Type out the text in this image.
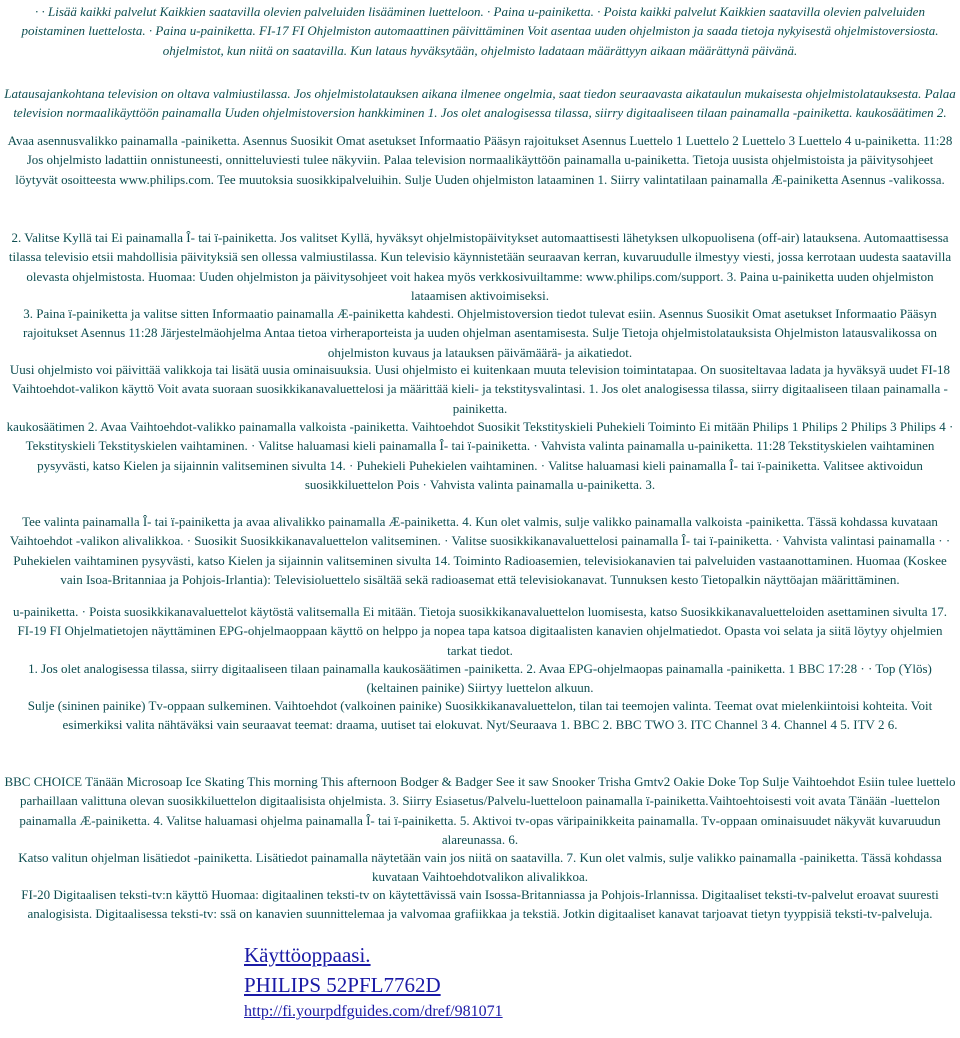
· · Lisää kaikki palvelut Kaikkien saatavilla olevien palveluiden lisääminen luetteloon. · Paina u-painiketta. · Poista kaikki palvelut Kaikkien saatavilla olevien palveluiden poistaminen luettelosta. · Paina u-painiketta. FI-17 FI Ohjelmiston automaattinen päivittäminen Voit asentaa uuden ohjelmiston ja saada tietoja nykyisestä ohjelmistoversiosta. ohjelmistot, kun niitä on saatavilla. Kun lataus hyväksytään, ohjelmisto ladataan määrättyyn aikaan määrättynä päivänä.

Latausajankohtana television on oltava valmiustilassa. Jos ohjelmistolatauksen aikana ilmenee ongelmia, saat tiedon seuraavasta aikataulun mukaisesta ohjelmistolatauksesta. Palaa television normaalikäyttöön painamalla Uuden ohjelmistoversion hankkiminen 1. Jos olet analogisessa tilassa, siirry digitaaliseen tilaan painamalla -painiketta. kaukosäätimen 2.

Avaa asennusvalikko painamalla -painiketta. Asennus Suosikit Omat asetukset Informaatio Pääsyn rajoitukset Asennus Luettelo 1 Luettelo 2 Luettelo 3 Luettelo 4 u-painiketta. 11:28 Jos ohjelmisto ladattiin onnistuneesti, onnitteluviesti tulee näkyviin. Palaa television normaalikäyttöön painamalla u-painiketta. Tietoja uusista ohjelmistoista ja päivitysohjeet löytyvät osoitteesta www.philips.com. Tee muutoksia suosikkipalveluihin. Sulje Uuden ohjelmiston lataaminen 1. Siirry valintatilaan painamalla Æ-painiketta Asennus -valikossa.

2. Valitse Kyllä tai Ei painamalla Î- tai ï-painiketta. Jos valitset Kyllä, hyväksyt ohjelmistopäivitykset automaattisesti lähetyksen ulkopuolisena (off-air) latauksena. Automaattisessa tilassa televisio etsii mahdollisia päivityksiä sen ollessa valmiustilassa. Kun televisio käynnistetään seuraavan kerran, kuvaruudulle ilmestyy viesti, jossa kerrotaan uudesta saatavilla olevasta ohjelmistosta. Huomaa: Uuden ohjelmiston ja päivitysohjeet voit hakea myös verkkosivuiltamme: www.philips.com/support. 3. Paina u-painiketta uuden ohjelmiston lataamisen aktivoimiseksi.

3. Paina ï-painiketta ja valitse sitten Informaatio painamalla Æ-painiketta kahdesti. Ohjelmistoversion tiedot tulevat esiin. Asennus Suosikit Omat asetukset Informaatio Pääsyn rajoitukset Asennus 11:28 Järjestelmäohjelma Antaa tietoa virheraporteista ja uuden ohjelman asentamisesta. Sulje Tietoja ohjelmistolatauksista Ohjelmiston latausvalikossa on ohjelmiston kuvaus ja latauksen päivämäärä- ja aikatiedot.

Uusi ohjelmisto voi päivittää valikkoja tai lisätä uusia ominaisuuksia. Uusi ohjelmisto ei kuitenkaan muuta television toimintatapaa. On suositeltavaa ladata ja hyväksyä uudet FI-18 Vaihtoehdot-valikon käyttö Voit avata suoraan suosikkikanavaluettelosi ja määrittää kieli- ja tekstitysvalintasi. 1. Jos olet analogisessa tilassa, siirry digitaaliseen tilaan painamalla -painiketta.

kaukosäätimen 2. Avaa Vaihtoehdot-valikko painamalla valkoista -painiketta. Vaihtoehdot Suosikit Tekstityskieli Puhekieli Toiminto Ei mitään Philips 1 Philips 2 Philips 3 Philips 4 · Tekstityskieli Tekstityskielen vaihtaminen. · Valitse haluamasi kieli painamalla Î- tai ï-painiketta. · Vahvista valinta painamalla u-painiketta. 11:28 Tekstityskielen vaihtaminen pysyvästi, katso Kielen ja sijainnin valitseminen sivulta 14. · Puhekieli Puhekielen vaihtaminen. · Valitse haluamasi kieli painamalla Î- tai ï-painiketta. Valitsee aktivoidun suosikkiluettelon Pois · Vahvista valinta painamalla u-painiketta. 3.

Tee valinta painamalla Î- tai ï-painiketta ja avaa alivalikko painamalla Æ-painiketta. 4. Kun olet valmis, sulje valikko painamalla valkoista -painiketta. Tässä kohdassa kuvataan Vaihtoehdot -valikon alivalikkoa. · Suosikit Suosikkikanavaluettelon valitseminen. · Valitse suosikkikanavaluettelosi painamalla Î- tai ï-painiketta. · Vahvista valintasi painamalla · · Puhekielen vaihtaminen pysyvästi, katso Kielen ja sijainnin valitseminen sivulta 14. Toiminto Radioasemien, televisiokanavien tai palveluiden vastaanottaminen. Huomaa (Koskee vain Isoa-Britanniaa ja Pohjois-Irlantia): Televisioluettelo sisältää sekä radioasemat että televisiokanavat. Tunnuksen kesto Tietopalkin näyttöajan määrittäminen.

u-painiketta. · Poista suosikkikanavaluettelot käytöstä valitsemalla Ei mitään. Tietoja suosikkikanavaluettelon luomisesta, katso Suosikkikanavaluetteloiden asettaminen sivulta 17. FI-19 FI Ohjelmatietojen näyttäminen EPG-ohjelmaoppaan käyttö on helppo ja nopea tapa katsoa digitaalisten kanavien ohjelmatiedot. Opasta voi selata ja siitä löytyy ohjelmien tarkat tiedot.

1. Jos olet analogisessa tilassa, siirry digitaaliseen tilaan painamalla kaukosäätimen -painiketta. 2. Avaa EPG-ohjelmaopas painamalla -painiketta. 1 BBC 17:28 · · Top (Ylös) (keltainen painike) Siirtyy luettelon alkuun.

Sulje (sininen painike) Tv-oppaan sulkeminen. Vaihtoehdot (valkoinen painike) Suosikkikanavaluettelon, tilan tai teemojen valinta. Teemat ovat mielenkiintoisi kohteita. Voit esimerkiksi valita nähtäväksi vain seuraavat teemat: draama, uutiset tai elokuvat. Nyt/Seuraava 1. BBC 2. BBC TWO 3. ITC Channel 3 4. Channel 4 5. ITV 2 6.

BBC CHOICE Tänään Microsoap Ice Skating This morning This afternoon Bodger & Badger See it saw Snooker Trisha Gmtv2 Oakie Doke Top Sulje Vaihtoehdot Esiin tulee luettelo parhaillaan valittuna olevan suosikkiluettelon digitaalisista ohjelmista. 3. Siirry Esiasetus/Palvelu-luetteloon painamalla ï-painiketta.Vaihtoehtoisesti voit avata Tänään -luettelon painamalla Æ-painiketta. 4. Valitse haluamasi ohjelma painamalla Î- tai ï-painiketta. 5. Aktivoi tv-opas väripainikkeita painamalla. Tv-oppaan ominaisuudet näkyvät kuvaruudun alareunassa. 6.

Katso valitun ohjelman lisätiedot -painiketta. Lisätiedot painamalla näytetään vain jos niitä on saatavilla. 7. Kun olet valmis, sulje valikko painamalla -painiketta. Tässä kohdassa kuvataan Vaihtoehdotvalikon alivalikkoa.

FI-20 Digitaalisen teksti-tv:n käyttö Huomaa: digitaalinen teksti-tv on käytettävissä vain Isossa-Britanniassa ja Pohjois-Irlannissa. Digitaaliset teksti-tv-palvelut eroavat suuresti analogisista. Digitaalisessa teksti-tv: ssä on kanavien suunnittelemaa ja valvomaa grafiikkaa ja tekstiä. Jotkin digitaaliset kanavat tarjoavat tietyn tyyppisiä teksti-tv-palveluja.

Käyttöoppaasi.
PHILIPS 52PFL7762D
http://fi.yourpdfguides.com/dref/981071
